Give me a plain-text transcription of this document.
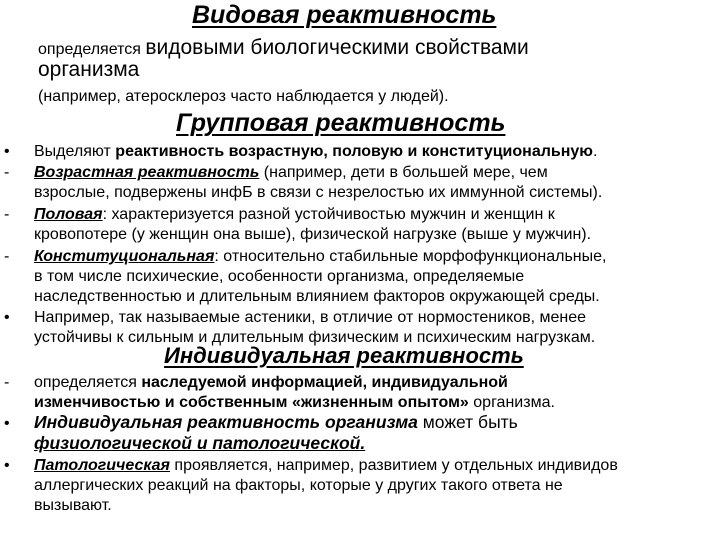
Видовая реактивность
определяется видовыми биологическими свойствами
организма
(например, атеросклероз часто наблюдается у людей).
Групповая реактивность
• Выделяют реактивность возрастную, половую и конституциональную.
- Возрастная реактивность (например, дети в большей мере, чем
взрослые, подвержены инфБ в связи с незрелостью их иммунной системы).
- Половая: характеризуется разной устойчивостью мужчин и женщин к
кровопотере (у женщин она выше), физической нагрузке (выше у мужчин).
- Конституциональная: относительно стабильные морфофункциональные,
в том числе психические, особенности организма, определяемые
наследственностью и длительным влиянием факторов окружающей среды.
• Например, так называемые астеники, в отличие от нормостеников, менее
устойчивы к сильным и длительным физическим и психическим нагрузкам.
Индивидуальная реактивность
- определяется наследуемой информацией, индивидуальной
изменчивостью и собственным «жизненным опытом» организма.
• Индивидуальная реактивность организма может быть
физиологической и патологической.
• Патологическая проявляется, например, развитием у отдельных индивидов
аллергических реакций на факторы, которые у других такого ответа не
вызывают.
